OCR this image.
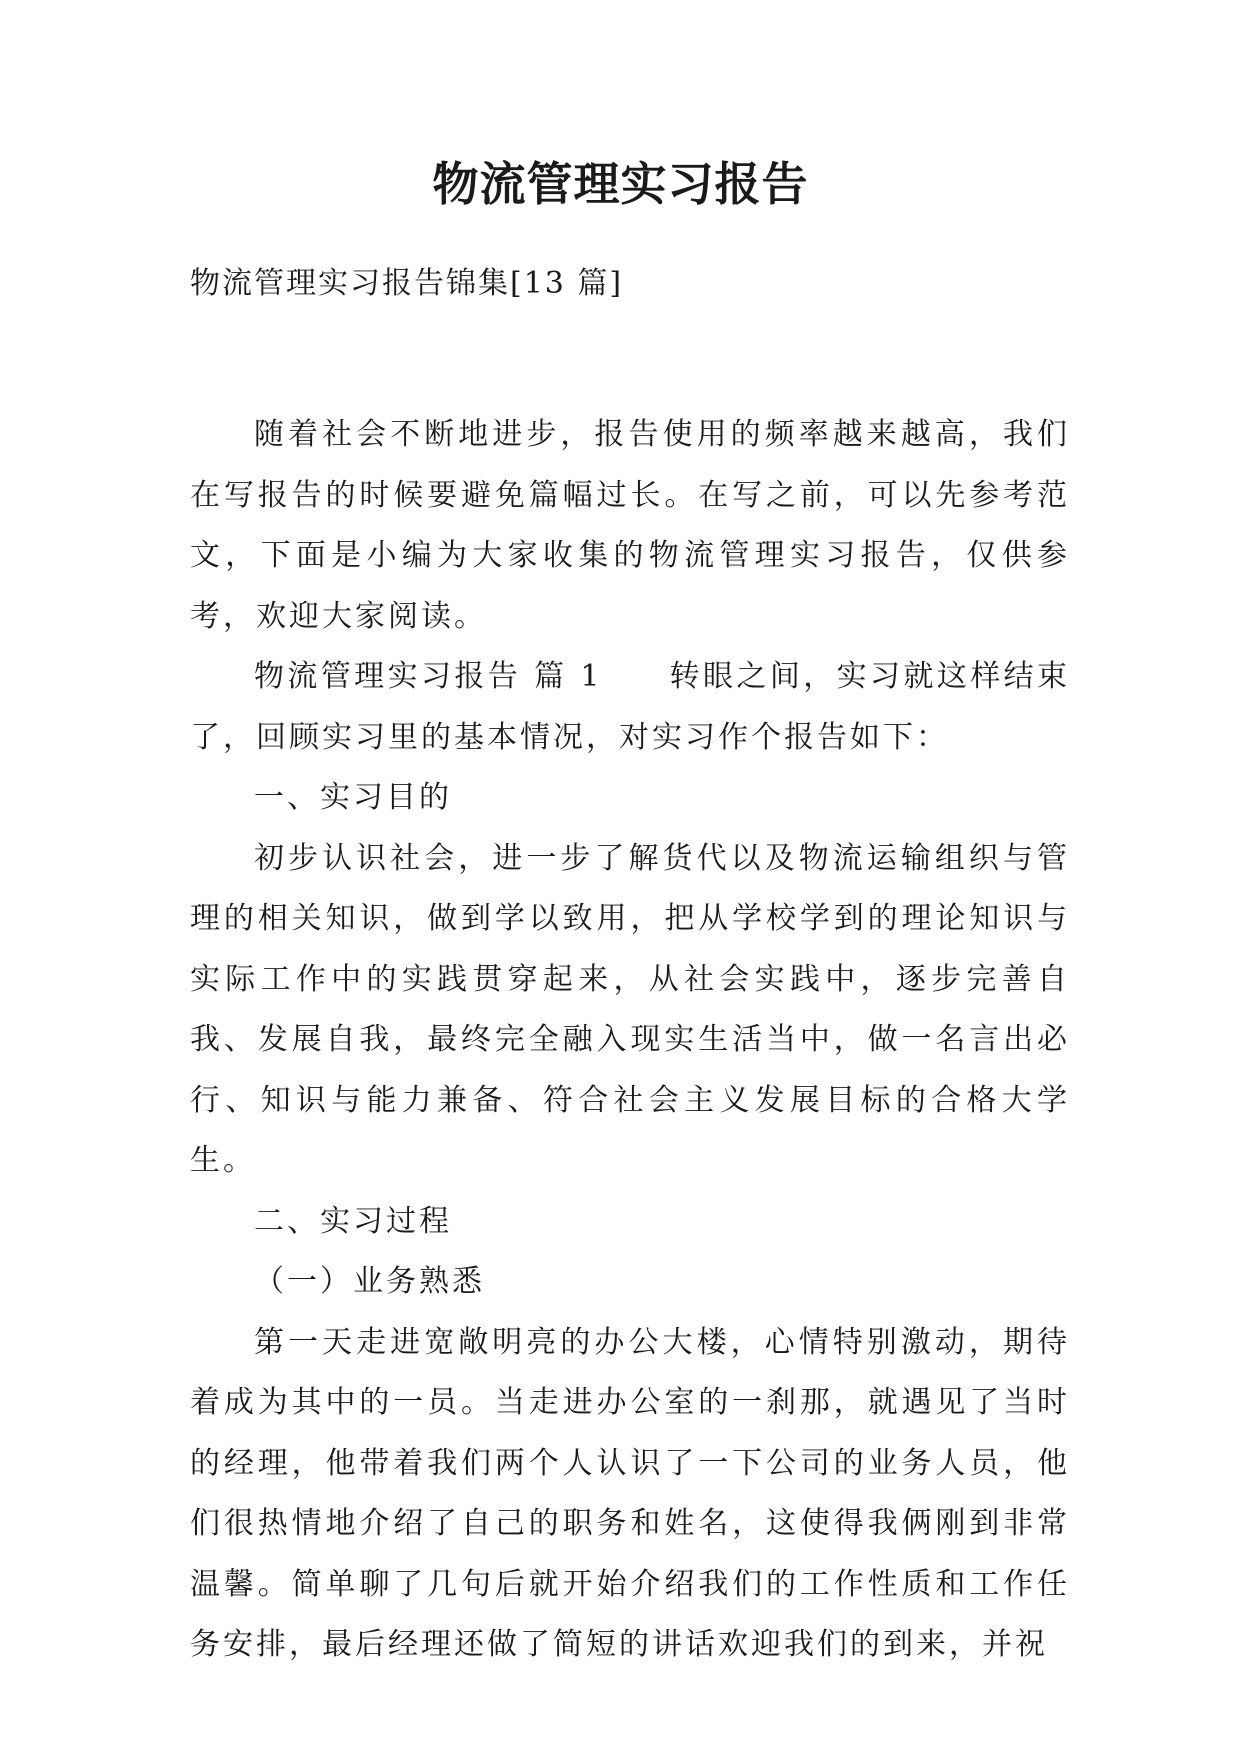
物流管理实习报告

物流管理实习报告锦集[13 篇]

随着社会不断地进步，报告使用的频率越来越高，我们在写报告的时候要避免篇幅过长。在写之前，可以先参考范文，下面是小编为大家收集的物流管理实习报告，仅供参考，欢迎大家阅读。

物流管理实习报告 篇 1　　转眼之间，实习就这样结束了，回顾实习里的基本情况，对实习作个报告如下：

一、实习目的

初步认识社会，进一步了解货代以及物流运输组织与管理的相关知识，做到学以致用，把从学校学到的理论知识与实际工作中的实践贯穿起来，从社会实践中，逐步完善自我、发展自我，最终完全融入现实生活当中，做一名言出必行、知识与能力兼备、符合社会主义发展目标的合格大学生。

二、实习过程

（一）业务熟悉

第一天走进宽敞明亮的办公大楼，心情特别激动，期待着成为其中的一员。当走进办公室的一刹那，就遇见了当时的经理，他带着我们两个人认识了一下公司的业务人员，他们很热情地介绍了自己的职务和姓名，这使得我俩刚到非常温馨。简单聊了几句后就开始介绍我们的工作性质和工作任务安排，最后经理还做了简短的讲话欢迎我们的到来，并祝
